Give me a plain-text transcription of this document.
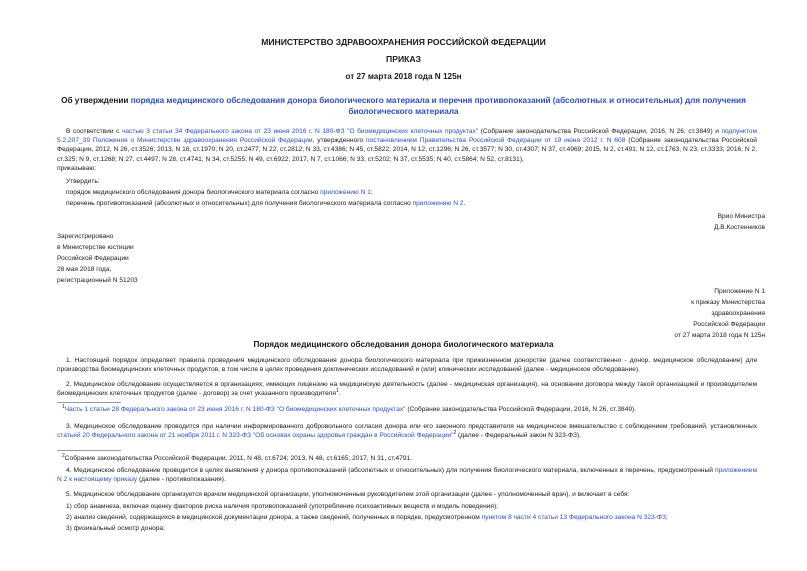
МИНИСТЕРСТВО ЗДРАВООХРАНЕНИЯ РОССИЙСКОЙ ФЕДЕРАЦИИ
ПРИКАЗ
от 27 марта 2018 года N 125н
Об утверждении порядка медицинского обследования донора биологического материала и перечня противопоказаний (абсолютных и относительных) для получения биологического материала
В соответствии с частью 3 статьи 34 Федерального закона от 23 июня 2016 г. N 180-ФЗ "О биомедицинских клеточных продуктах" (Собрание законодательства Российской Федерации, 2016, N 26, ст.3849) и подпунктом 5.2.207_39 Положения о Министерстве здравоохранения Российской Федерации, утвержденного постановлением Правительства Российской Федерации от 19 июня 2012 г. N 608 (Собрание законодательства Российской Федерации, 2012, N 26, ст.3526; 2013, N 16, ст.1970; N 20, ст.2477; N 22, ст.2812; N 33, ст.4386; N 45, ст.5822; 2014, N 12, ст.1296; N 26, ст.3577; N 30, ст.4307; N 37, ст.4969; 2015, N 2, ст.491; N 12, ст.1763; N 23, ст.3333; 2016, N 2, ст.325; N 9, ст.1268; N 27, ст.4497; N 28, ст.4741; N 34, ст.5255; N 49, ст.6922; 2017, N 7, ст.1066; N 33, ст.5202; N 37, ст.5535; N 40, ст.5864; N 52, ст.8131),
приказываю:
Утвердить:
порядок медицинского обследования донора биологического материала согласно приложению N 1;
перечень противопоказаний (абсолютных и относительных) для получения биологического материала согласно приложению N 2.
Врио Министра
Д.В.Костенников
Зарегистрировано
в Министерстве юстиции
Российской Федерации
28 мая 2018 года,
регистрационный N 51203
Приложение N 1
к приказу Министерства
здравоохранения
Российской Федерации
от 27 марта 2018 года N 125н
Порядок медицинского обследования донора биологического материала
1. Настоящий порядок определяет правила проведения медицинского обследования донора биологического материала при прижизненном донорстве (далее соответственно - донор, медицинское обследование) для производства биомедицинских клеточных продуктов, в том числе в целях проведения доклинических исследований и (или) клинических исследований (далее - медицинское обследование).
2. Медицинское обследование осуществляется в организациях, имеющих лицензию на медицинскую деятельность (далее - медицинская организация), на основании договора между такой организацией и производителем биомедицинских клеточных продуктов (далее - договор) за счет указанного производителя$^1$.
$^1$Часть 1 статьи 28 Федерального закона от 23 июня 2016 г. N 180-ФЗ "О биомедицинских клеточных продуктах" (Собрание законодательства Российской Федерации, 2016, N 26, ст.3849).
3. Медицинское обследование проводится при наличии информированного добровольного согласия донора или его законного представителя на медицинское вмешательство с соблюдением требований, установленных статьей 20 Федерального закона от 21 ноября 2011 г. N 323-ФЗ "Об основах охраны здоровья граждан в Российской Федерации"$^2$ (далее - Федеральный закон N 323-ФЗ).
$^2$Собрание законодательства Российской Федерации, 2011, N 48, ст.6724; 2013, N 48, ст.6165; 2017, N 31, ст.4791.
4. Медицинское обследование проводится в целях выявления у донора противопоказаний (абсолютных и относительных) для получения биологического материала, включенных в перечень, предусмотренный приложением N 2 к настоящему приказу (далее - противопоказания).
5. Медицинское обследование организуется врачом медицинской организации, уполномоченным руководителем этой организации (далее - уполномоченный врач), и включает в себя:
1) сбор анамнеза, включая оценку факторов риска наличия противопоказаний (употребление психоактивных веществ и модель поведения);
2) анализ сведений, содержащихся в медицинской документации донора, а также сведений, полученных в порядке, предусмотренном пунктом 8 части 4 статьи 13 Федерального закона N 323-ФЗ;
3) физикальный осмотр донора;
